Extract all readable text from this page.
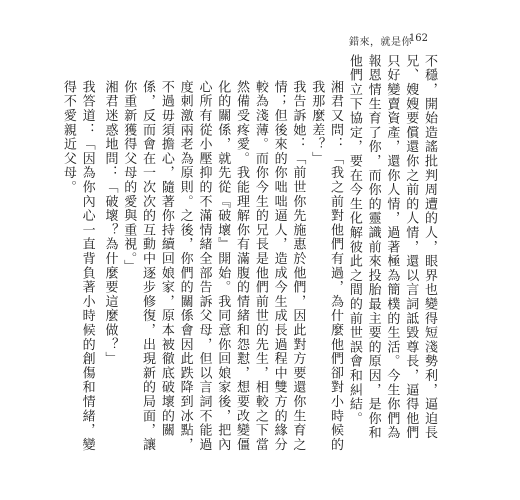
錯來，就是你
162

不穩，開始造謠批判周遭的人，眼界也變得短淺勢利，逼迫長兄、嫂嫂要償還你之前的人情，還以言詞詆毀尊長，逼得他們只好變賣資產，還你人情，過著極為簡樸的生活。今生你們為報恩情生育了你，而你的靈識前來投胎最主要的原因，是你和他們立下協定，要在今生化解彼此之間的前世誤會和糾結。

湘君又問：「我之前對他們有過，為什麼他們卻對小時候的我那麼差？」

我告訴她：「前世你先施惠於他們，因此對方要還你生育之情；但後來的你咄咄逼人，造成今生成長過程中雙方的緣分較為淺薄。而你今生的兄長是他們前世的先生，相較之下當然備受疼愛。我能理解你有滿腹的情緒和怨懟，想要改變僵化的關係，就先從『破壞』開始。我同意你回娘家後，把內心所有從小壓抑的不滿情緒全部告訴父母，但以言詞不能過度刺激兩老為原則。之後，你們的關係會因此跌降到冰點，不過毋須擔心，隨著你持續回娘家，原本被徹底破壞的關係，反而會在一次次的互動中逐步修復，出現新的局面，讓你重新獲得父母的愛與重視。」

湘君迷惑地問：「破壞？為什麼要這麼做？」

我答道：「因為你內心一直背負著小時候的創傷和情緒，變得不愛親近父母。
